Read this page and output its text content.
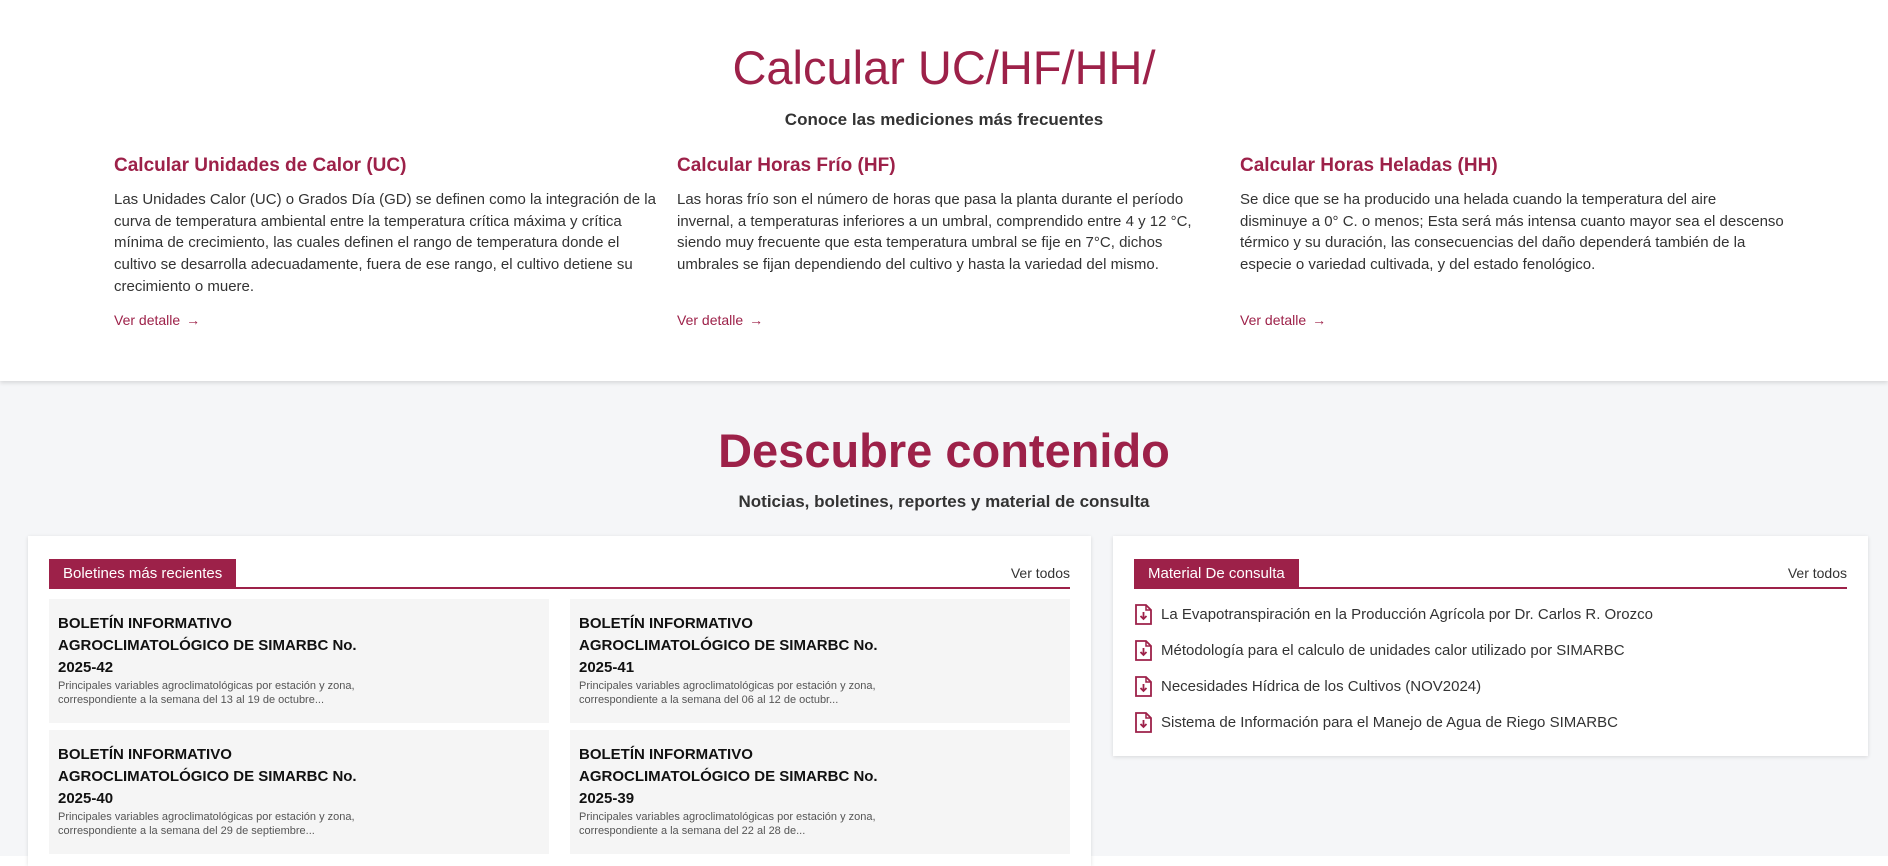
Calcular UC/HF/HH/
Conoce las mediciones más frecuentes
Calcular Unidades de Calor (UC)

Las Unidades Calor (UC) o Grados Día (GD) se definen como la integración de la curva de temperatura ambiental entre la temperatura crítica máxima y crítica mínima de crecimiento, las cuales definen el rango de temperatura donde el cultivo se desarrolla adecuadamente, fuera de ese rango, el cultivo detiene su crecimiento o muere.

Ver detalle →
Calcular Horas Frío (HF)

Las horas frío son el número de horas que pasa la planta durante el período invernal, a temperaturas inferiores a un umbral, comprendido entre 4 y 12 °C, siendo muy frecuente que esta temperatura umbral se fije en 7°C, dichos umbrales se fijan dependiendo del cultivo y hasta la variedad del mismo.

Ver detalle →
Calcular Horas Heladas (HH)

Se dice que se ha producido una helada cuando la temperatura del aire disminuye a 0° C. o menos; Esta será más intensa cuanto mayor sea el descenso térmico y su duración, las consecuencias del daño dependerá también de la especie o variedad cultivada, y del estado fenológico.

Ver detalle →
Descubre contenido
Noticias, boletines, reportes y material de consulta
Boletines más recientes	Ver todos
BOLETÍN INFORMATIVO AGROCLIMATOLÓGICO DE SIMARBC No. 2025-42
Principales variables agroclimatológicas por estación y zona, correspondiente a la semana del 13 al 19 de octubre...
BOLETÍN INFORMATIVO AGROCLIMATOLÓGICO DE SIMARBC No. 2025-41
Principales variables agroclimatológicas por estación y zona, correspondiente a la semana del 06 al 12 de octubr...
BOLETÍN INFORMATIVO AGROCLIMATOLÓGICO DE SIMARBC No. 2025-40
Principales variables agroclimatológicas por estación y zona, correspondiente a la semana del 29 de septiembre...
BOLETÍN INFORMATIVO AGROCLIMATOLÓGICO DE SIMARBC No. 2025-39
Principales variables agroclimatológicas por estación y zona, correspondiente a la semana del 22 al 28 de...
Material De consulta	Ver todos
La Evapotranspiración en la Producción Agrícola por Dr. Carlos R. Orozco
Métodología para el calculo de unidades calor utilizado por SIMARBC
Necesidades Hídrica de los Cultivos (NOV2024)
Sistema de Información para el Manejo de Agua de Riego SIMARBC
